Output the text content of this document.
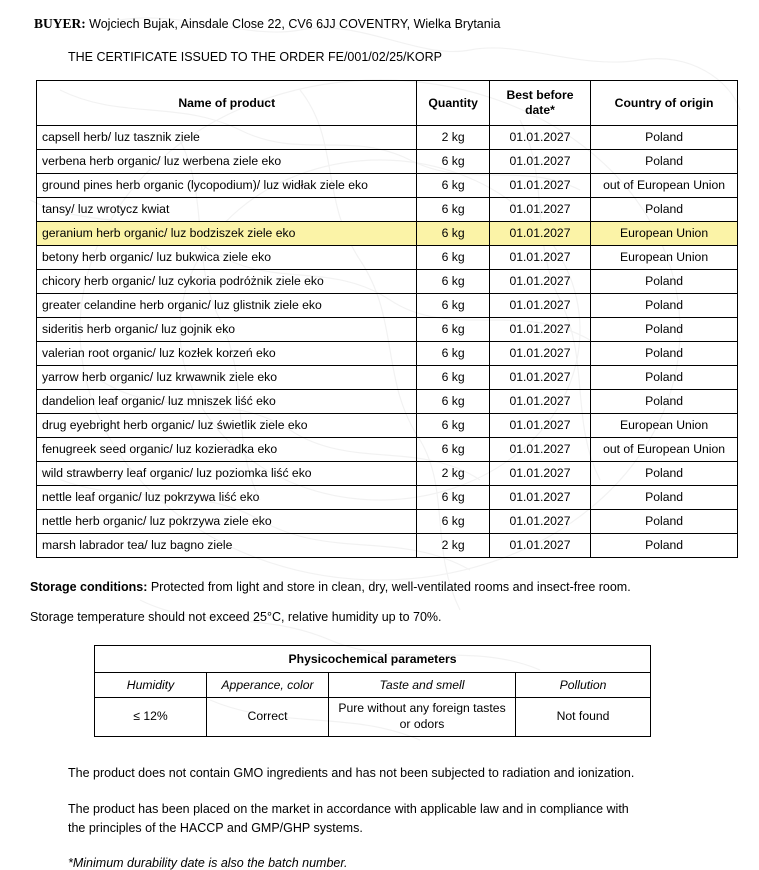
BUYER: Wojciech Bujak, Ainsdale Close 22, CV6 6JJ COVENTRY, Wielka Brytania
THE CERTIFICATE ISSUED TO THE ORDER FE/001/02/25/KORP
Name of product	Quantity	Best before date*	Country of origin
capsell herb/ luz tasznik ziele	2 kg	01.01.2027	Poland
verbena herb organic/ luz werbena ziele eko	6 kg	01.01.2027	Poland
ground pines herb organic (lycopodium)/ luz widłak ziele eko	6 kg	01.01.2027	out of European Union
tansy/ luz wrotycz kwiat	6 kg	01.01.2027	Poland
geranium herb organic/ luz bodziszek ziele eko	6 kg	01.01.2027	European Union
betony herb organic/ luz bukwica ziele eko	6 kg	01.01.2027	European Union
chicory herb organic/ luz cykoria podróżnik ziele eko	6 kg	01.01.2027	Poland
greater celandine herb organic/ luz glistnik ziele eko	6 kg	01.01.2027	Poland
sideritis herb organic/ luz gojnik eko	6 kg	01.01.2027	Poland
valerian root organic/ luz kozłek korzeń eko	6 kg	01.01.2027	Poland
yarrow herb organic/ luz krwawnik ziele eko	6 kg	01.01.2027	Poland
dandelion leaf organic/ luz mniszek liść eko	6 kg	01.01.2027	Poland
drug eyebright herb organic/ luz świetlik ziele eko	6 kg	01.01.2027	European Union
fenugreek seed organic/ luz kozieradka eko	6 kg	01.01.2027	out of European Union
wild strawberry leaf organic/ luz poziomka liść eko	2 kg	01.01.2027	Poland
nettle leaf organic/ luz pokrzywa liść eko	6 kg	01.01.2027	Poland
nettle herb organic/ luz pokrzywa ziele eko	6 kg	01.01.2027	Poland
marsh labrador tea/ luz bagno ziele	2 kg	01.01.2027	Poland
Storage conditions: Protected from light and store in clean, dry, well-ventilated rooms and insect-free room.
Storage temperature should not exceed 25°C, relative humidity up to 70%.
Physicochemical parameters			
Humidity	Apperance, color	Taste and smell	Pollution
≤ 12%	Correct	Pure without any foreign tastes or odors	Not found
The product does not contain GMO ingredients and has not been subjected to radiation and ionization.
The product has been placed on the market in accordance with applicable law and in compliance with
the principles of the HACCP and GMP/GHP systems.
*Minimum durability date is also the batch number.
